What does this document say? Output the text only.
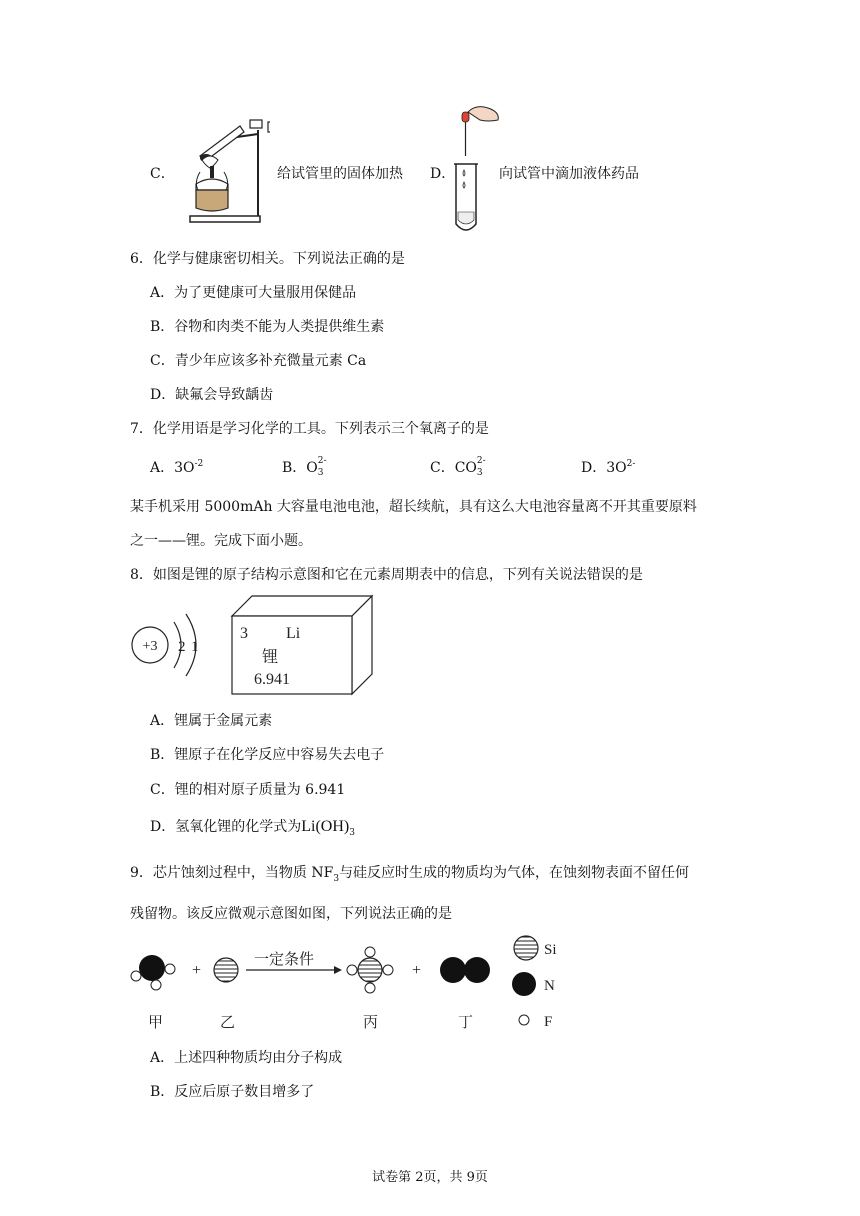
C．	给试管里的固体加热 D．	向试管中滴加液体药品
6．化学与健康密切相关。下列说法正确的是
A．为了更健康可大量服用保健品
B．谷物和肉类不能为人类提供维生素
C．青少年应该多补充微量元素 Ca
D．缺氟会导致龋齿
7．化学用语是学习化学的工具。下列表示三个氧离子的是
A．$3O^{-2}$	B．O 2-
3	C．CO 2-
3	D．$3O^{2-}$
某手机采用 5000mAh 大容量电池电池，超长续航，具有这么大电池容量离不开其重要原料
之一——锂。完成下面小题。
8．如图是锂的原子结构示意图和它在元素周期表中的信息，下列有关说法错误的是
+3 2 1
3 Li
锂
6.941
A．锂属于金属元素
B．锂原子在化学反应中容易失去电子
C．锂的相对原子质量为 6.941
D．氢氧化锂的化学式为$Li(OH)_3$
9．芯片蚀刻过程中，当物质 $NF_3$与硅反应时生成的物质均为气体，在蚀刻物表面不留任何
残留物。该反应微观示意图如图，下列说法正确的是
+
一定条件
+
Si
N
F
甲	乙	丙	丁
A．上述四种物质均由分子构成
B．反应后原子数目增多了
试卷第 2页，共 9页
